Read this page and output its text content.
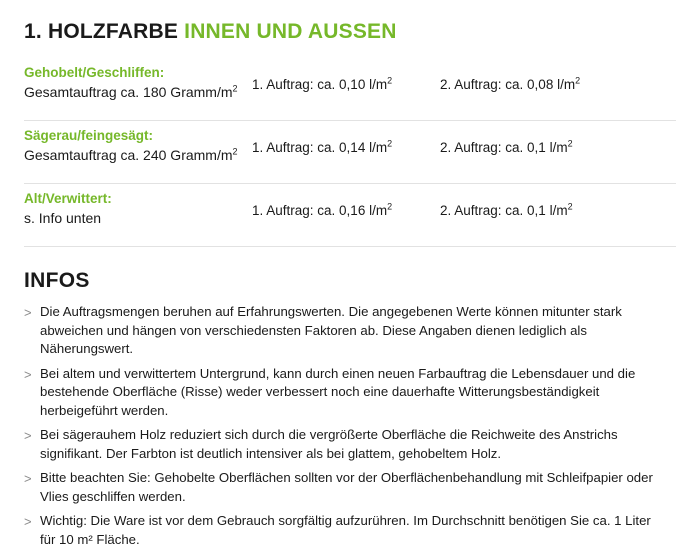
1. HOLZFARBE INNEN UND AUSSEN
Gehobelt/Geschliffen:
Gesamtauftrag ca. 180 Gramm/$m^2$	1. Auftrag: ca. 0,10 $l/m^2$	2. Auftrag: ca. 0,08 $l/m^2$
Sägerau/feingesägt:
Gesamtauftrag ca. 240 Gramm/$m^2$	1. Auftrag: ca. 0,14 $l/m^2$	2. Auftrag: ca. 0,1 $l/m^2$
Alt/Verwittert:
s. Info unten	1. Auftrag: ca. 0,16 $l/m^2$	2. Auftrag: ca. 0,1 $l/m^2$
INFOS
> Die Auftragsmengen beruhen auf Erfahrungswerten. Die angegebenen Werte können mitunter stark abweichen und hängen von verschiedensten Faktoren ab. Diese Angaben dienen lediglich als Näherungswert.
> Bei altem und verwittertem Untergrund, kann durch einen neuen Farbauftrag die Lebensdauer und die bestehende Oberfläche (Risse) weder verbessert noch eine dauerhafte Witterungsbeständigkeit herbeigeführt werden.
> Bei sägerauhem Holz reduziert sich durch die vergrößerte Oberfläche die Reichweite des Anstrichs signifikant. Der Farbton ist deutlich intensiver als bei glattem, gehobeltem Holz.
> Bitte beachten Sie: Gehobelte Oberflächen sollten vor der Oberflächenbehandlung mit Schleifpapier oder Vlies geschliffen werden.
> Wichtig: Die Ware ist vor dem Gebrauch sorgfältig aufzurühren. Im Durchschnitt benötigen Sie ca. 1 Liter für 10 m² Fläche.
